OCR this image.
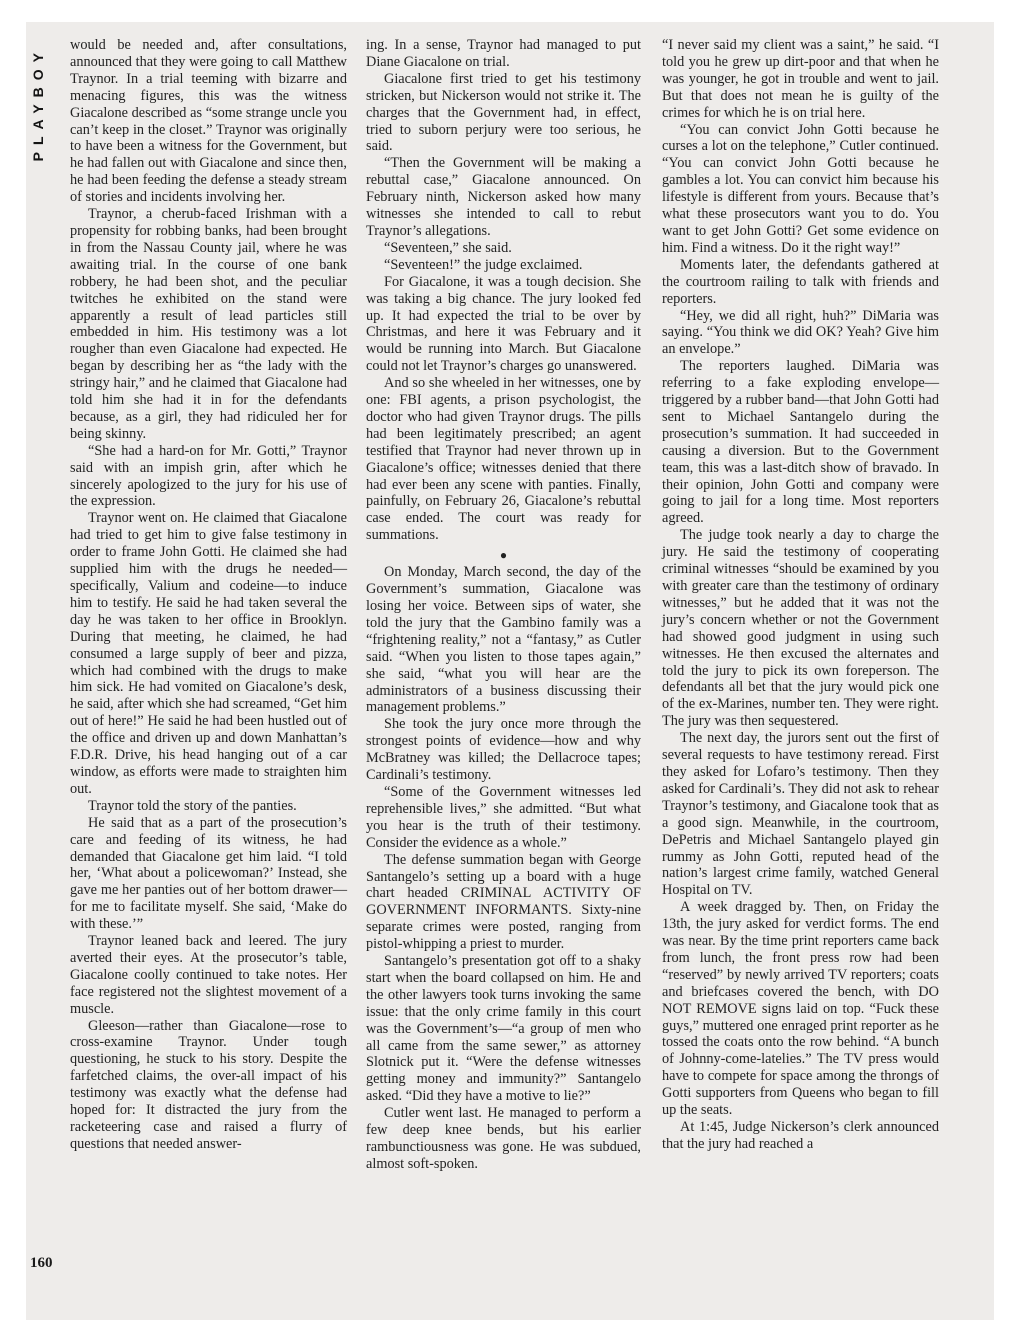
PLAYBOY

would be needed and, after consultations, announced that they were going to call Matthew Traynor. In a trial teeming with bizarre and menacing figures, this was the witness Giacalone described as “some strange uncle you can’t keep in the closet.” Traynor was originally to have been a witness for the Government, but he had fallen out with Giacalone and since then, he had been feeding the defense a steady stream of stories and incidents involving her.

Traynor, a cherub-faced Irishman with a propensity for robbing banks, had been brought in from the Nassau County jail, where he was awaiting trial. In the course of one bank robbery, he had been shot, and the peculiar twitches he exhibited on the stand were apparently a result of lead particles still embedded in him. His testimony was a lot rougher than even Giacalone had expected. He began by describing her as “the lady with the stringy hair,” and he claimed that Giacalone had told him she had it in for the defendants because, as a girl, they had ridiculed her for being skinny.

“She had a hard-on for Mr. Gotti,” Traynor said with an impish grin, after which he sincerely apologized to the jury for his use of the expression.

Traynor went on. He claimed that Giacalone had tried to get him to give false testimony in order to frame John Gotti. He claimed she had supplied him with the drugs he needed—specifically, Valium and codeine—to induce him to testify. He said he had taken several the day he was taken to her office in Brooklyn. During that meeting, he claimed, he had consumed a large supply of beer and pizza, which had combined with the drugs to make him sick. He had vomited on Giacalone’s desk, he said, after which she had screamed, “Get him out of here!” He said he had been hustled out of the office and driven up and down Manhattan’s F.D.R. Drive, his head hanging out of a car window, as efforts were made to straighten him out.

Traynor told the story of the panties.

He said that as a part of the prosecution’s care and feeding of its witness, he had demanded that Giacalone get him laid. “I told her, ‘What about a policewoman?’ Instead, she gave me her panties out of her bottom drawer—for me to facilitate myself. She said, ‘Make do with these.’”

Traynor leaned back and leered. The jury averted their eyes. At the prosecutor’s table, Giacalone coolly continued to take notes. Her face registered not the slightest movement of a muscle.

Gleeson—rather than Giacalone—rose to cross-examine Traynor. Under tough questioning, he stuck to his story. Despite the farfetched claims, the over-all impact of his testimony was exactly what the defense had hoped for: It distracted the jury from the racketeering case and raised a flurry of questions that needed answer-

ing. In a sense, Traynor had managed to put Diane Giacalone on trial.

Giacalone first tried to get his testimony stricken, but Nickerson would not strike it. The charges that the Government had, in effect, tried to suborn perjury were too serious, he said.

“Then the Government will be making a rebuttal case,” Giacalone announced. On February ninth, Nickerson asked how many witnesses she intended to call to rebut Traynor’s allegations.

“Seventeen,” she said.

“Seventeen!” the judge exclaimed.

For Giacalone, it was a tough decision. She was taking a big chance. The jury looked fed up. It had expected the trial to be over by Christmas, and here it was February and it would be running into March. But Giacalone could not let Traynor’s charges go unanswered.

And so she wheeled in her witnesses, one by one: FBI agents, a prison psychologist, the doctor who had given Traynor drugs. The pills had been legitimately prescribed; an agent testified that Traynor had never thrown up in Giacalone’s office; witnesses denied that there had ever been any scene with panties. Finally, painfully, on February 26, Giacalone’s rebuttal case ended. The court was ready for summations.

●

On Monday, March second, the day of the Government’s summation, Giacalone was losing her voice. Between sips of water, she told the jury that the Gambino family was a “frightening reality,” not a “fantasy,” as Cutler said. “When you listen to those tapes again,” she said, “what you will hear are the administrators of a business discussing their management problems.”

She took the jury once more through the strongest points of evidence—how and why McBratney was killed; the Dellacroce tapes; Cardinali’s testimony.

“Some of the Government witnesses led reprehensible lives,” she admitted. “But what you hear is the truth of their testimony. Consider the evidence as a whole.”

The defense summation began with George Santangelo’s setting up a board with a huge chart headed CRIMINAL ACTIVITY OF GOVERNMENT INFORMANTS. Sixty-nine separate crimes were posted, ranging from pistol-whipping a priest to murder.

Santangelo’s presentation got off to a shaky start when the board collapsed on him. He and the other lawyers took turns invoking the same issue: that the only crime family in this court was the Government’s—“a group of men who all came from the same sewer,” as attorney Slotnick put it. “Were the defense witnesses getting money and immunity?” Santangelo asked. “Did they have a motive to lie?”

Cutler went last. He managed to perform a few deep knee bends, but his earlier rambunctiousness was gone. He was subdued, almost soft-spoken.

“I never said my client was a saint,” he said. “I told you he grew up dirt-poor and that when he was younger, he got in trouble and went to jail. But that does not mean he is guilty of the crimes for which he is on trial here.

“You can convict John Gotti because he curses a lot on the telephone,” Cutler continued. “You can convict John Gotti because he gambles a lot. You can convict him because his lifestyle is different from yours. Because that’s what these prosecutors want you to do. You want to get John Gotti? Get some evidence on him. Find a witness. Do it the right way!”

Moments later, the defendants gathered at the courtroom railing to talk with friends and reporters.

“Hey, we did all right, huh?” DiMaria was saying. “You think we did OK? Yeah? Give him an envelope.”

The reporters laughed. DiMaria was referring to a fake exploding envelope—triggered by a rubber band—that John Gotti had sent to Michael Santangelo during the prosecution’s summation. It had succeeded in causing a diversion. But to the Government team, this was a last-ditch show of bravado. In their opinion, John Gotti and company were going to jail for a long time. Most reporters agreed.

The judge took nearly a day to charge the jury. He said the testimony of cooperating criminal witnesses “should be examined by you with greater care than the testimony of ordinary witnesses,” but he added that it was not the jury’s concern whether or not the Government had showed good judgment in using such witnesses. He then excused the alternates and told the jury to pick its own foreperson. The defendants all bet that the jury would pick one of the ex-Marines, number ten. They were right. The jury was then sequestered.

The next day, the jurors sent out the first of several requests to have testimony reread. First they asked for Lofaro’s testimony. Then they asked for Cardinali’s. They did not ask to rehear Traynor’s testimony, and Giacalone took that as a good sign. Meanwhile, in the courtroom, DePetris and Michael Santangelo played gin rummy as John Gotti, reputed head of the nation’s largest crime family, watched General Hospital on TV.

A week dragged by. Then, on Friday the 13th, the jury asked for verdict forms. The end was near. By the time print reporters came back from lunch, the front press row had been “reserved” by newly arrived TV reporters; coats and briefcases covered the bench, with DO NOT REMOVE signs laid on top. “Fuck these guys,” muttered one enraged print reporter as he tossed the coats onto the row behind. “A bunch of Johnny-come-latelies.” The TV press would have to compete for space among the throngs of Gotti supporters from Queens who began to fill up the seats.

At 1:45, Judge Nickerson’s clerk announced that the jury had reached a

160
